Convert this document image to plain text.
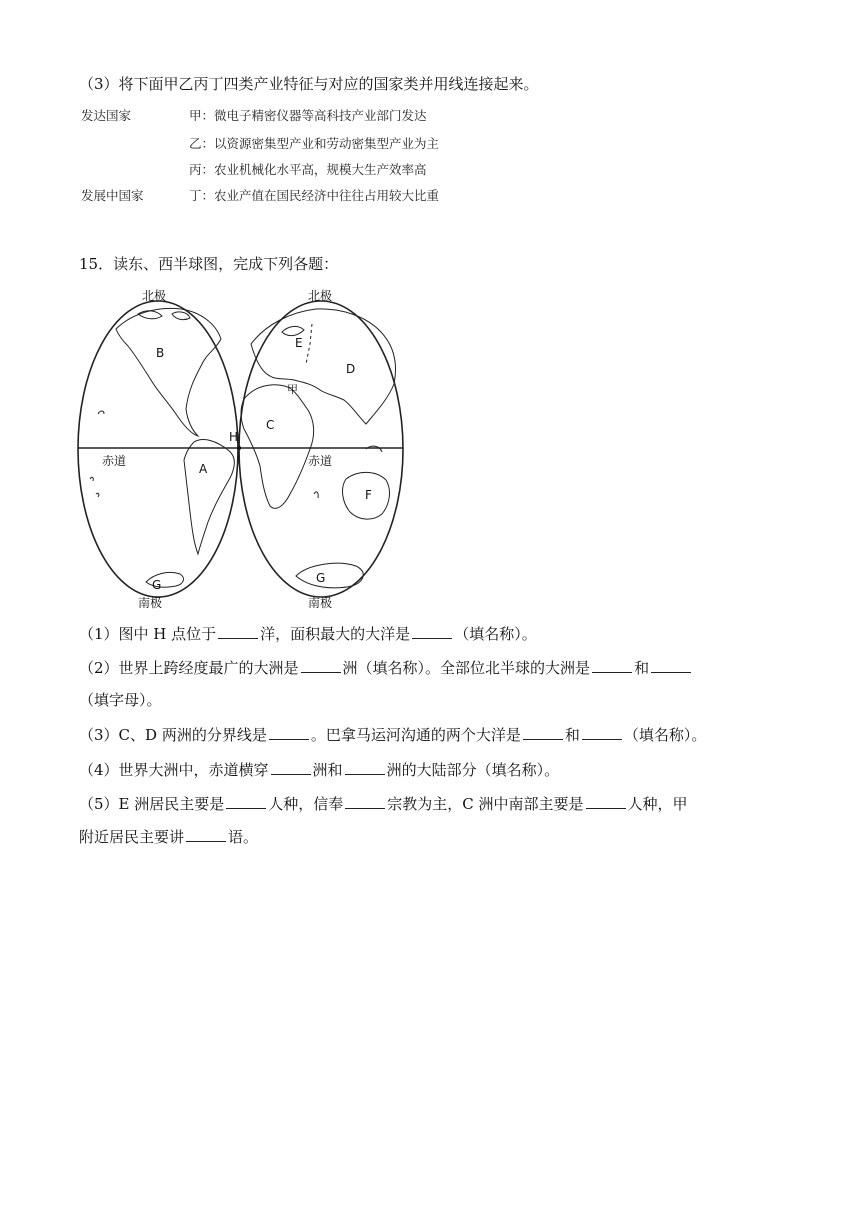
（3）将下面甲乙丙丁四类产业特征与对应的国家类并用线连接起来。
发达国家	甲：微电子精密仪器等高科技产业部门发达
乙：以资源密集型产业和劳动密集型产业为主
丙：农业机械化水平高，规模大生产效率高
发展中国家	丁：农业产值在国民经济中往往占用较大比重
15．读东、西半球图，完成下列各题：
北极	北极
南极	南极
赤道	赤道
B
A
G
H
E
D
甲
C
F
G
（1）图中 H 点位于	洋，面积最大的大洋是	（填名称）。
（2）世界上跨经度最广的大洲是	洲（填名称）。全部位北半球的大洲是	和
（填字母）。
（3）C、D 两洲的分界线是	。巴拿马运河沟通的两个大洋是	和	（填名称）。
（4）世界大洲中，赤道横穿	洲和	洲的大陆部分（填名称）。
（5）E 洲居民主要是	人种，信奉	宗教为主，C 洲中南部主要是	人种，甲
附近居民主要讲	语。
